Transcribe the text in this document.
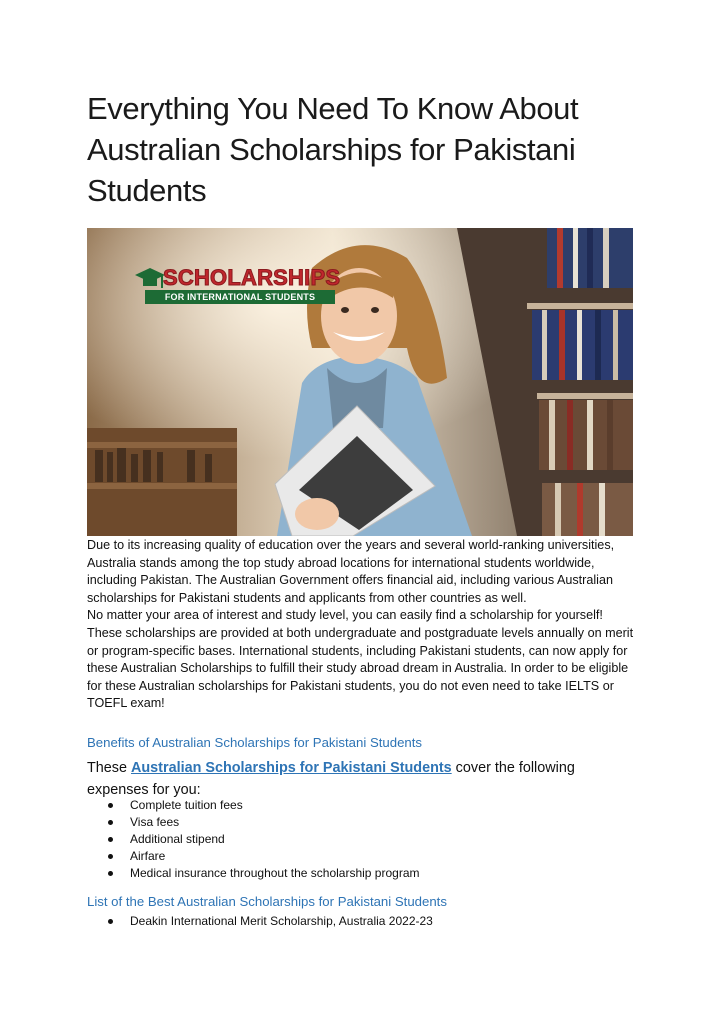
Everything You Need To Know About Australian Scholarships for Pakistani Students
SCHOLARSHIPS
FOR INTERNATIONAL STUDENTS

Due to its increasing quality of education over the years and several world-ranking universities, Australia stands among the top study abroad locations for international students worldwide, including Pakistan. The Australian Government offers financial aid, including various Australian scholarships for Pakistani students and applicants from other countries as well.

No matter your area of interest and study level, you can easily find a scholarship for yourself! These scholarships are provided at both undergraduate and postgraduate levels annually on merit or program-specific bases. International students, including Pakistani students, can now apply for these Australian Scholarships to fulfill their study abroad dream in Australia. In order to be eligible for these Australian scholarships for Pakistani students, you do not even need to take IELTS or TOEFL exam!

Benefits of Australian Scholarships for Pakistani Students

These Australian Scholarships for Pakistani Students cover the following expenses for you:

Complete tuition fees
Visa fees
Additional stipend
Airfare
Medical insurance throughout the scholarship program
List of the Best Australian Scholarships for Pakistani Students
Deakin International Merit Scholarship, Australia 2022-23
